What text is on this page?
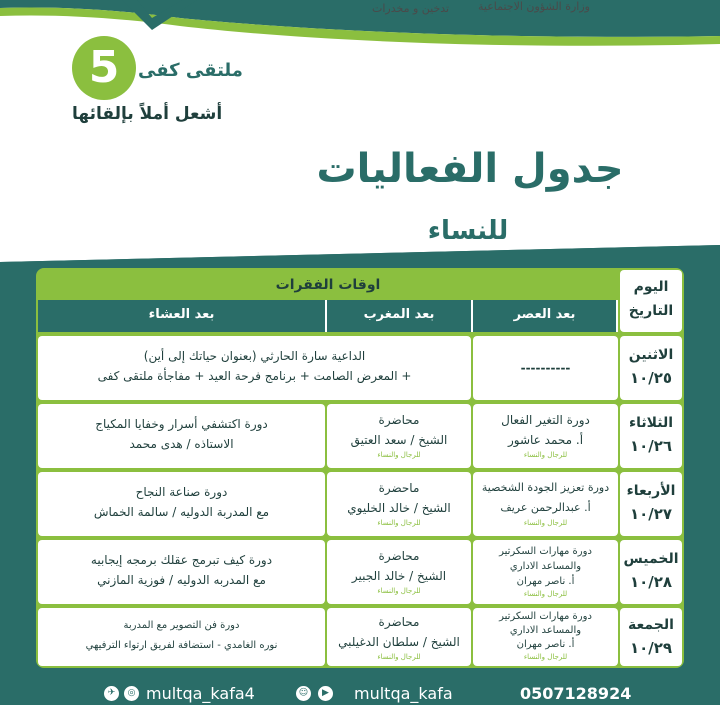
وزارة الشؤون الاجتماعية
تدخين و مخدرات
5	ملتقى كفى
أشعل أملاً بإلقائها
جدول الفعاليات
للنساء
اليوم
التاريخ
اوقات الفقرات
بعد العصر
بعد المغرب
بعد العشاء
الاثنين
١٠/٢٥
----------
الداعية سارة الحارثي (بعنوان حياتك إلى أين)
+ المعرض الصامت + برنامج فرحة العيد + مفاجأة ملتقى كفى
الثلاثاء
١٠/٢٦
دورة التغير الفعال
أ. محمد عاشور
للرجال والنساء
محاضرة
الشيخ / سعد العتيق
للرجال والنساء
دورة اكتشفي أسرار وخفايا المكياج
الاستاذه / هدى محمد
الأربعاء
١٠/٢٧
دورة تعزيز الجودة الشخصية
أ. عبدالرحمن عريف
للرجال والنساء
ماحضرة
الشيخ / خالد الخليوي
للرجال والنساء
دورة صناعة النجاح
مع المدربة الدوليه / سالمة الخماش
الخميس
١٠/٢٨
دورة مهارات السكرتير
والمساعد الاداري
أ. ناصر مهران
للرجال والنساء
محاضرة
الشيخ / خالد الجبير
للرجال والنساء
دورة كيف تبرمج عقلك برمجه إيجابيه
مع المدربه الدوليه / فوزية المازني
الجمعة
١٠/٢٩
دورة مهارات السكرتير
والمساعد الاداري
أ. ناصر مهران
للرجال والنساء
محاضرة
الشيخ / سلطان الدغيلبي
للرجال والنساء
دورة فن التصوير مع المدربة
نوره الغامدي - استضافة لفريق ارتواء الترفيهي
0507128924
multqa_kafa
▶
☺
multqa_kafa4
◎
✈
